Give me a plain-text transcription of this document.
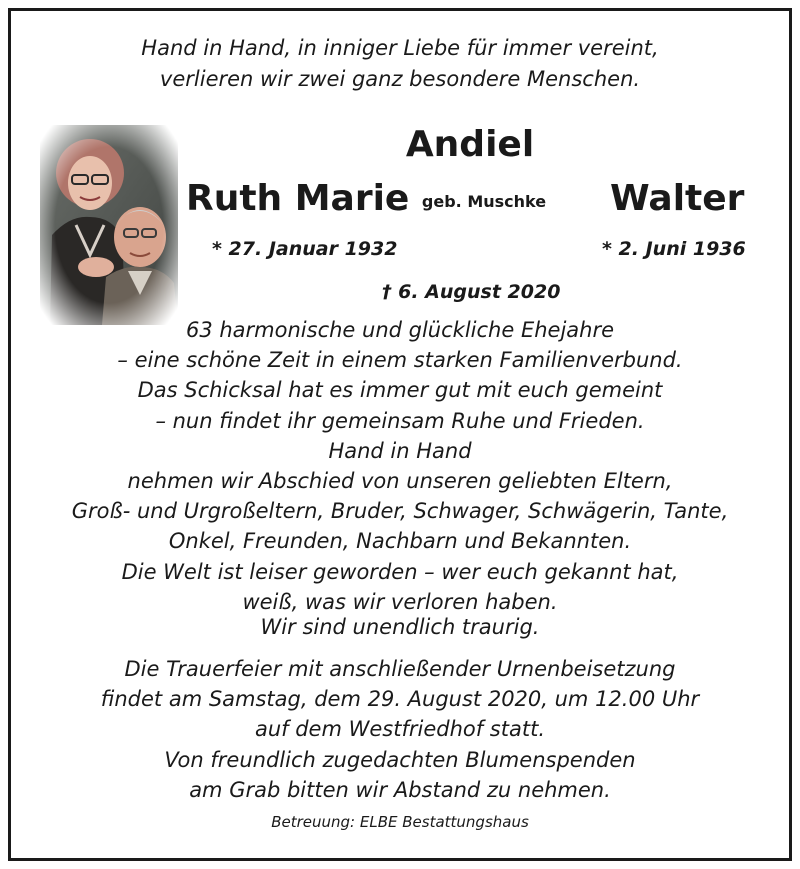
Hand in Hand, in inniger Liebe für immer vereint,
verlieren wir zwei ganz besondere Menschen.
Andiel
Ruth Marie geb. Muschke Walter
* 27. Januar 1932	* 2. Juni 1936
† 6. August 2020
63 harmonische und glückliche Ehejahre
– eine schöne Zeit in einem starken Familienverbund.
Das Schicksal hat es immer gut mit euch gemeint
– nun findet ihr gemeinsam Ruhe und Frieden.
Hand in Hand
nehmen wir Abschied von unseren geliebten Eltern,
Groß- und Urgroßeltern, Bruder, Schwager, Schwägerin, Tante,
Onkel, Freunden, Nachbarn und Bekannten.
Die Welt ist leiser geworden – wer euch gekannt hat,
weiß, was wir verloren haben.
Wir sind unendlich traurig.
Die Trauerfeier mit anschließender Urnenbeisetzung
findet am Samstag, dem 29. August 2020, um 12.00 Uhr
auf dem Westfriedhof statt.
Von freundlich zugedachten Blumenspenden
am Grab bitten wir Abstand zu nehmen.
Betreuung: ELBE Bestattungshaus
